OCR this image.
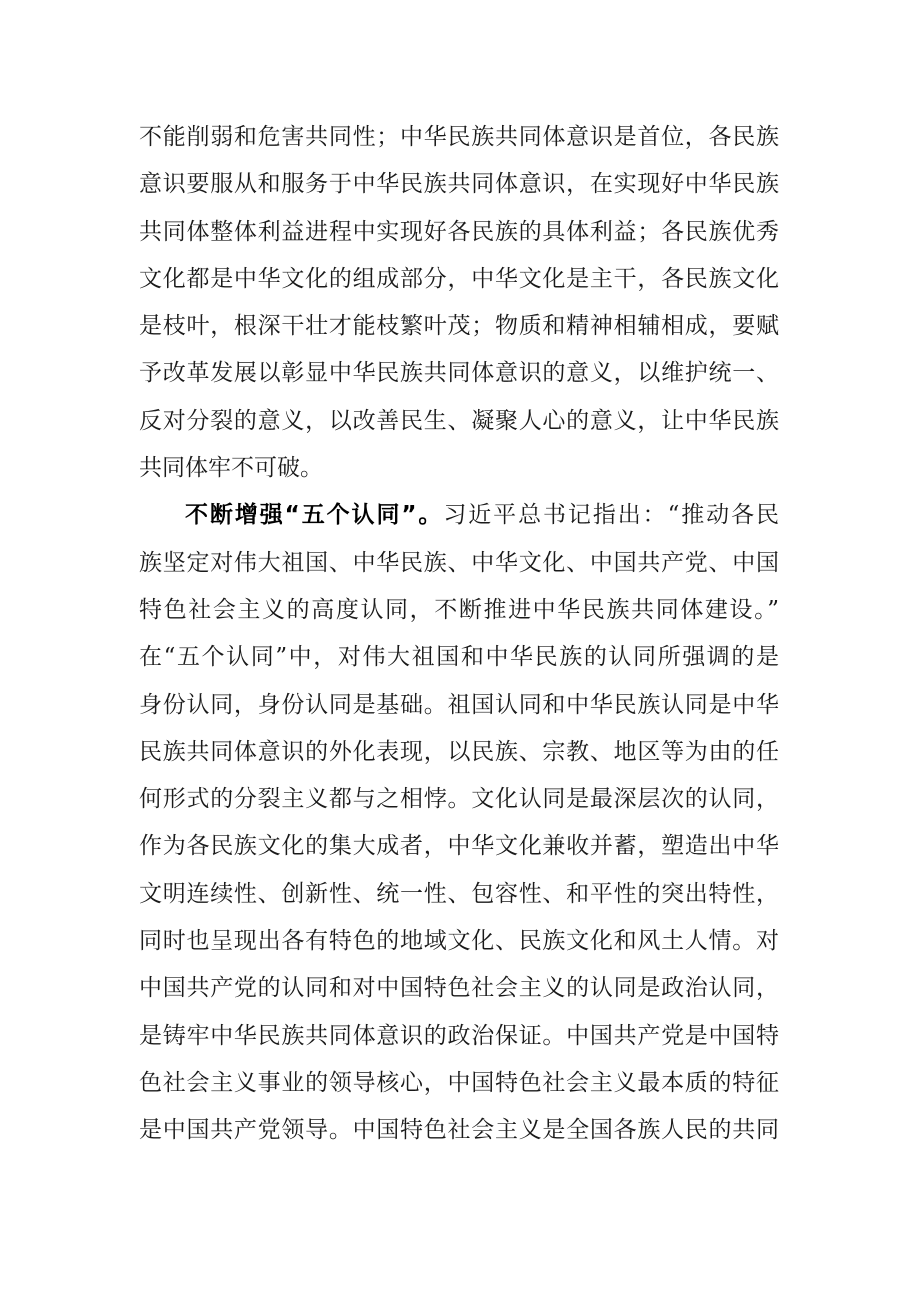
不能削弱和危害共同性；中华民族共同体意识是首位，各民族
意识要服从和服务于中华民族共同体意识，在实现好中华民族
共同体整体利益进程中实现好各民族的具体利益；各民族优秀
文化都是中华文化的组成部分，中华文化是主干，各民族文化
是枝叶，根深干壮才能枝繁叶茂；物质和精神相辅相成，要赋
予改革发展以彰显中华民族共同体意识的意义，以维护统一、
反对分裂的意义，以改善民生、凝聚人心的意义，让中华民族
共同体牢不可破。
不断增强“五个认同”。习近平总书记指出：“推动各民
族坚定对伟大祖国、中华民族、中华文化、中国共产党、中国
特色社会主义的高度认同，不断推进中华民族共同体建设。”
在“五个认同”中，对伟大祖国和中华民族的认同所强调的是
身份认同，身份认同是基础。祖国认同和中华民族认同是中华
民族共同体意识的外化表现，以民族、宗教、地区等为由的任
何形式的分裂主义都与之相悖。文化认同是最深层次的认同，
作为各民族文化的集大成者，中华文化兼收并蓄，塑造出中华
文明连续性、创新性、统一性、包容性、和平性的突出特性，
同时也呈现出各有特色的地域文化、民族文化和风土人情。对
中国共产党的认同和对中国特色社会主义的认同是政治认同，
是铸牢中华民族共同体意识的政治保证。中国共产党是中国特
色社会主义事业的领导核心，中国特色社会主义最本质的特征
是中国共产党领导。中国特色社会主义是全国各族人民的共同
